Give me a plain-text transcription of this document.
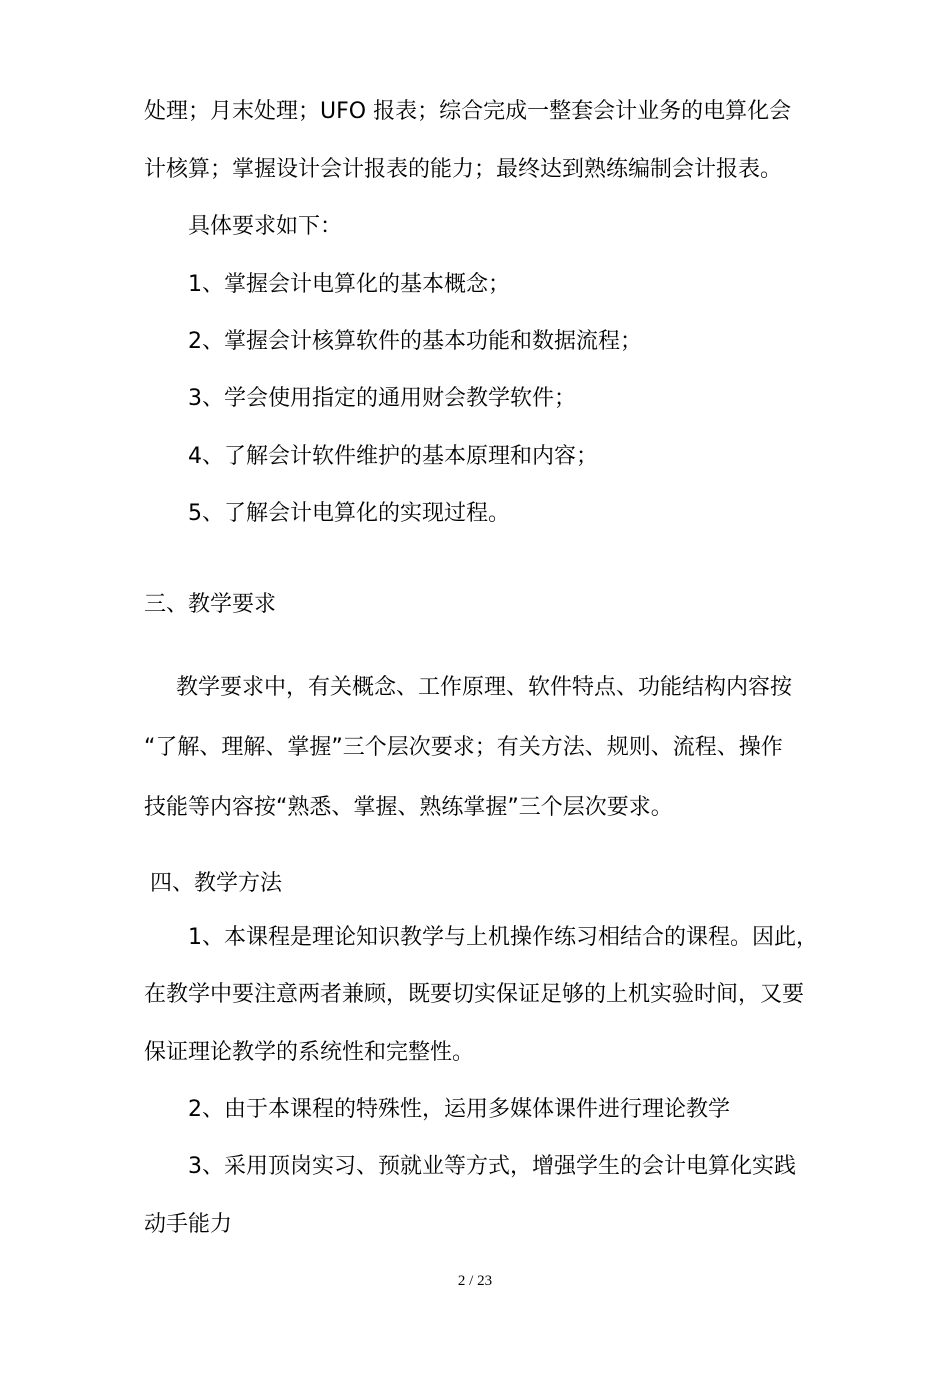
处理；月末处理；UFO 报表；综合完成一整套会计业务的电算化会
计核算；掌握设计会计报表的能力；最终达到熟练编制会计报表。
具体要求如下：
1、掌握会计电算化的基本概念；
2、掌握会计核算软件的基本功能和数据流程；
3、学会使用指定的通用财会教学软件；
4、了解会计软件维护的基本原理和内容；
5、了解会计电算化的实现过程。
三、教学要求
教学要求中，有关概念、工作原理、软件特点、功能结构内容按
“了解、理解、掌握”三个层次要求；有关方法、规则、流程、操作
技能等内容按“熟悉、掌握、熟练掌握”三个层次要求。
四、教学方法
1、本课程是理论知识教学与上机操作练习相结合的课程。因此，
在教学中要注意两者兼顾，既要切实保证足够的上机实验时间，又要
保证理论教学的系统性和完整性。
2、由于本课程的特殊性，运用多媒体课件进行理论教学
3、采用顶岗实习、预就业等方式，增强学生的会计电算化实践
动手能力
2 / 23
